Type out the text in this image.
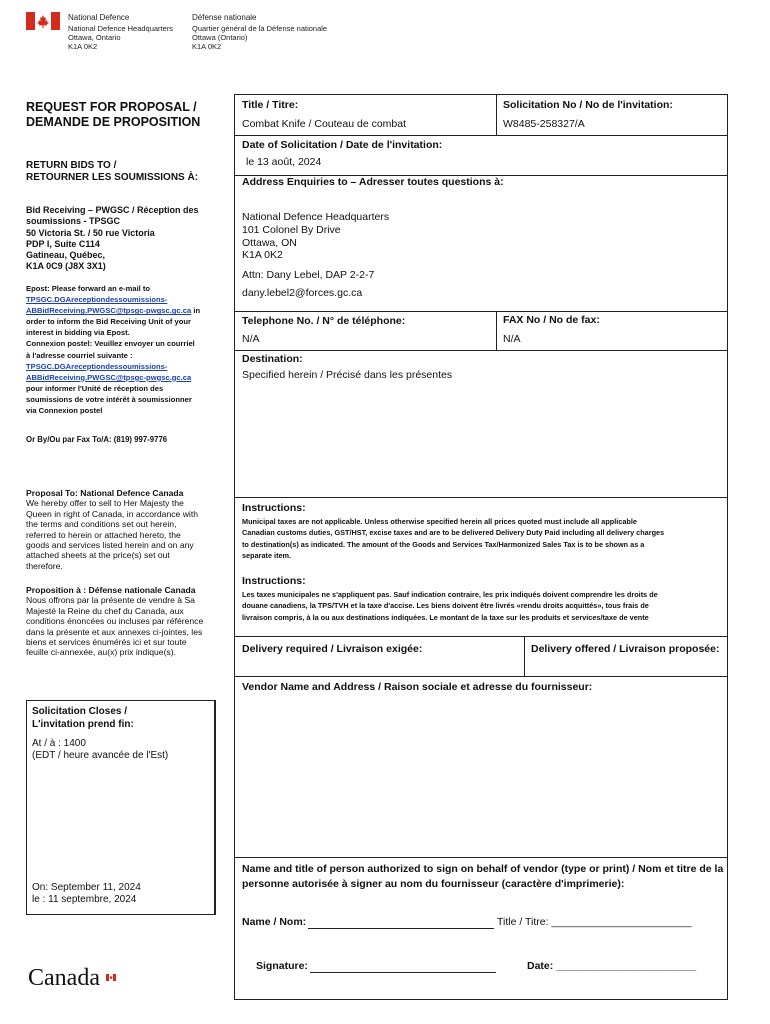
National Defence
National Defence Headquarters
Ottawa, Ontario
K1A 0K2
Défense nationale
Quartier général de la Défense nationale
Ottawa (Ontario)
K1A 0K2
REQUEST FOR PROPOSAL /
DEMANDE DE PROPOSITION
RETURN BIDS TO /
RETOURNER LES SOUMISSIONS À:
Bid Receiving – PWGSC / Réception des
soumissions - TPSGC
50 Victoria St. / 50 rue Victoria
PDP I, Suite C114
Gatineau, Québec,
K1A 0C9 (J8X 3X1)
Epost: Please forward an e-mail to
TPSGC.DGAreceptiondessoumissions-
ABBidReceiving.PWGSC@tpsgc-pwgsc.gc.ca in
order to inform the Bid Receiving Unit of your
interest in bidding via Epost.
Connexion postel: Veuillez envoyer un courriel
à l'adresse courriel suivante :
TPSGC.DGAreceptiondessoumissions-
ABBidReceiving.PWGSC@tpsgc-pwgsc.gc.ca
pour informer l'Unité de réception des
soumissions de votre intérêt à soumissionner
via Connexion postel
Or By/Ou par Fax To/A: (819) 997-9776
Proposal To: National Defence Canada
We hereby offer to sell to Her Majesty the
Queen in right of Canada, in accordance with
the terms and conditions set out herein,
referred to herein or attached hereto, the
goods and services listed herein and on any
attached sheets at the price(s) set out
therefore.
Proposition à : Défense nationale Canada
Nous offrons par la présente de vendre à Sa
Majesté la Reine du chef du Canada, aux
conditions énoncées ou incluses par référence
dans la présente et aux annexes ci-jointes, les
biens et services énumérés ici et sur toute
feuille ci-annexée, au(x) prix indique(s).
Solicitation Closes /
L'invitation prend fin:
At / à : 1400
(EDT / heure avancée de l'Est)
On: September 11, 2024
le : 11 septembre, 2024
Canada
Title / Titre:
Combat Knife / Couteau de combat
Solicitation No / No de l'invitation:
W8485-258327/A
Date of Solicitation / Date de l'invitation:
le 13 août, 2024
Address Enquiries to – Adresser toutes questions à:
National Defence Headquarters
101 Colonel By Drive
Ottawa, ON
K1A 0K2
Attn: Dany Lebel, DAP 2-2-7
dany.lebel2@forces.gc.ca
Telephone No. / N° de téléphone:
N/A
FAX No / No de fax:
N/A
Destination:
Specified herein / Précisé dans les présentes
Instructions:
Municipal taxes are not applicable. Unless otherwise specified herein all prices quoted must include all applicable
Canadian customs duties, GST/HST, excise taxes and are to be delivered Delivery Duty Paid including all delivery charges
to destination(s) as indicated. The amount of the Goods and Services Tax/Harmonized Sales Tax is to be shown as a
separate item.
Instructions:
Les taxes municipales ne s'appliquent pas. Sauf indication contraire, les prix indiqués doivent comprendre les droits de
douane canadiens, la TPS/TVH et la taxe d'accise. Les biens doivent être livrés «rendu droits acquittés», tous frais de
livraison compris, à la ou aux destinations indiquées. Le montant de la taxe sur les produits et services/taxe de vente
Delivery required / Livraison exigée:	Delivery offered / Livraison proposée:
Vendor Name and Address / Raison sociale et adresse du fournisseur:
Name and title of person authorized to sign on behalf of vendor (type or print) / Nom et titre de la
personne autorisée à signer au nom du fournisseur (caractère d'imprimerie):
Name / Nom:	Title / Titre: ________________________
Signature:	Date: ________________________
